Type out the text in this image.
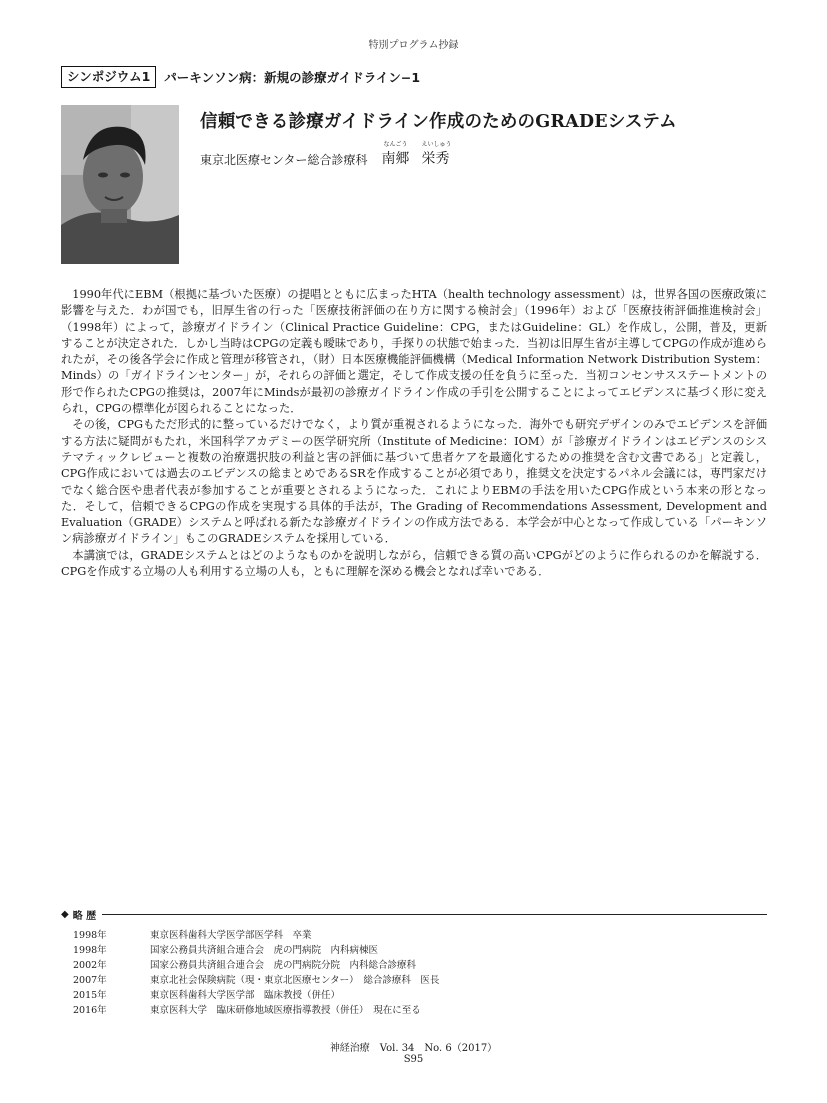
特別プログラム抄録
シンポジウム1	パーキンソン病：新規の診療ガイドライン−1
信頼できる診療ガイドライン作成のためのGRADEシステム
東京北医療センター総合診療科
なんごう
南郷
えいしゅう
栄秀

1990年代にEBM（根拠に基づいた医療）の提唱とともに広まったHTA（health technology assessment）は，世界各国の医療政策に影響を与えた．わが国でも，旧厚生省の行った「医療技術評価の在り方に関する検討会」（1996年）および「医療技術評価推進検討会」（1998年）によって，診療ガイドライン（Clinical Practice Guideline：CPG，またはGuideline：GL）を作成し，公開，普及，更新することが決定された．しかし当時はCPGの定義も曖昧であり，手探りの状態で始まった．当初は旧厚生省が主導してCPGの作成が進められたが，その後各学会に作成と管理が移管され，（財）日本医療機能評価機構（Medical Information Network Distribution System：Minds）の「ガイドラインセンター」が，それらの評価と選定，そして作成支援の任を負うに至った．当初コンセンサスステートメントの形で作られたCPGの推奨は，2007年にMindsが最初の診療ガイドライン作成の手引を公開することによってエビデンスに基づく形に変えられ，CPGの標準化が図られることになった．

その後，CPGもただ形式的に整っているだけでなく，より質が重視されるようになった．海外でも研究デザインのみでエビデンスを評価する方法に疑問がもたれ，米国科学アカデミーの医学研究所（Institute of Medicine：IOM）が「診療ガイドラインはエビデンスのシステマティックレビューと複数の治療選択肢の利益と害の評価に基づいて患者ケアを最適化するための推奨を含む文書である」と定義し，CPG作成においては過去のエビデンスの総まとめであるSRを作成することが必須であり，推奨文を決定するパネル会議には，専門家だけでなく総合医や患者代表が参加することが重要とされるようになった．これによりEBMの手法を用いたCPG作成という本来の形となった．そして，信頼できるCPGの作成を実現する具体的手法が，The Grading of Recommendations Assessment, Development and Evaluation（GRADE）システムと呼ばれる新たな診療ガイドラインの作成方法である．本学会が中心となって作成している「パーキンソン病診療ガイドライン」もこのGRADEシステムを採用している．

本講演では，GRADEシステムとはどのようなものかを説明しながら，信頼できる質の高いCPGがどのように作られるのかを解説する．CPGを作成する立場の人も利用する立場の人も，ともに理解を深める機会となれば幸いである．

◆ 略 歴
1998年	東京医科歯科大学医学部医学科　卒業
1998年	国家公務員共済組合連合会　虎の門病院　内科病棟医
2002年	国家公務員共済組合連合会　虎の門病院分院　内科総合診療科
2007年	東京北社会保険病院（現・東京北医療センター）　総合診療科　医長
2015年	東京医科歯科大学医学部　臨床教授（併任）
2016年	東京医科大学　臨床研修地域医療指導教授（併任）　現在に至る
神経治療　Vol. 34　No. 6（2017）
S95
